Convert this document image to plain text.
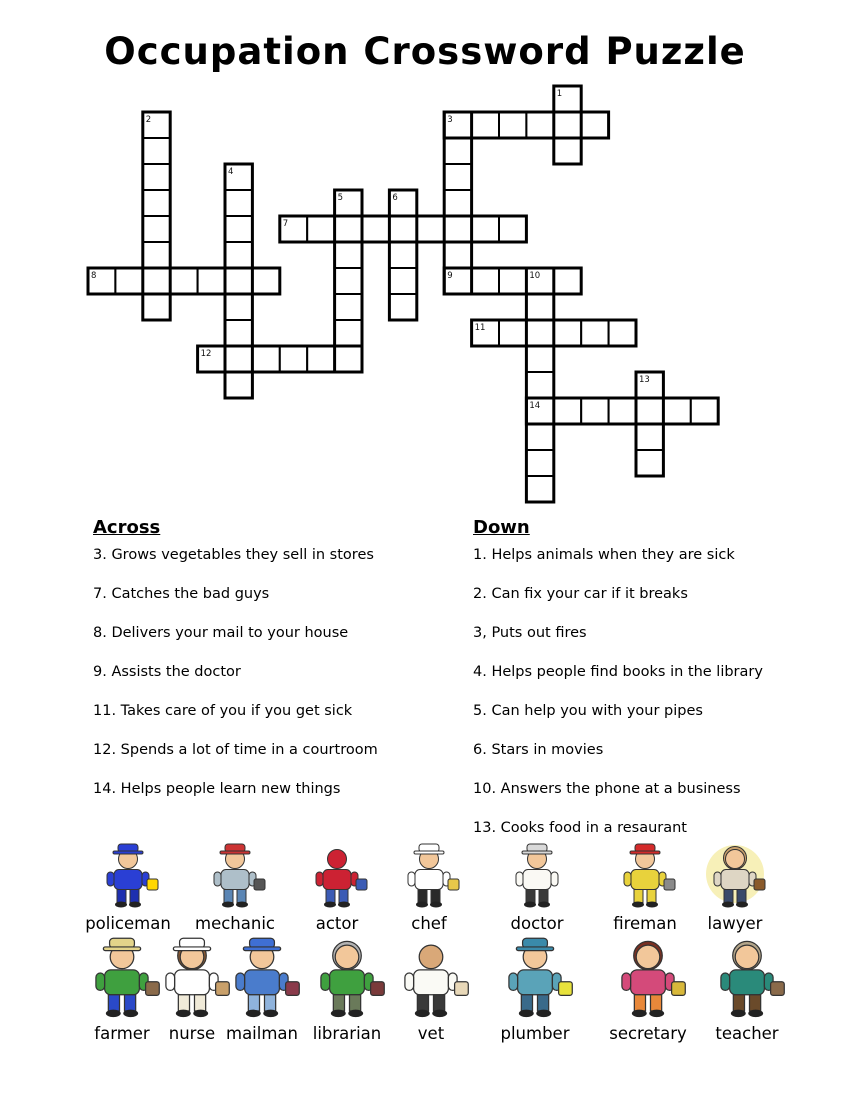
Occupation Crossword Puzzle
1
2	3
4
5	6
7
8	9	10
11
12
13
14
Across
3. Grows vegetables they sell in stores
7. Catches the bad guys
8. Delivers your mail to your house
9. Assists the doctor
11. Takes care of you if you get sick
12. Spends a lot of time in a courtroom
14. Helps people learn new things
Down
1. Helps animals when they are sick
2. Can fix your car if it breaks
3, Puts out fires
4. Helps people find books in the library
5. Can help you with your pipes
6. Stars in movies
10. Answers the phone at a business
13. Cooks food in a resaurant
policeman	mechanic	actor	chef	doctor	fireman	lawyer
farmer	nurse mailman librarian	vet	plumber	secretary	teacher
